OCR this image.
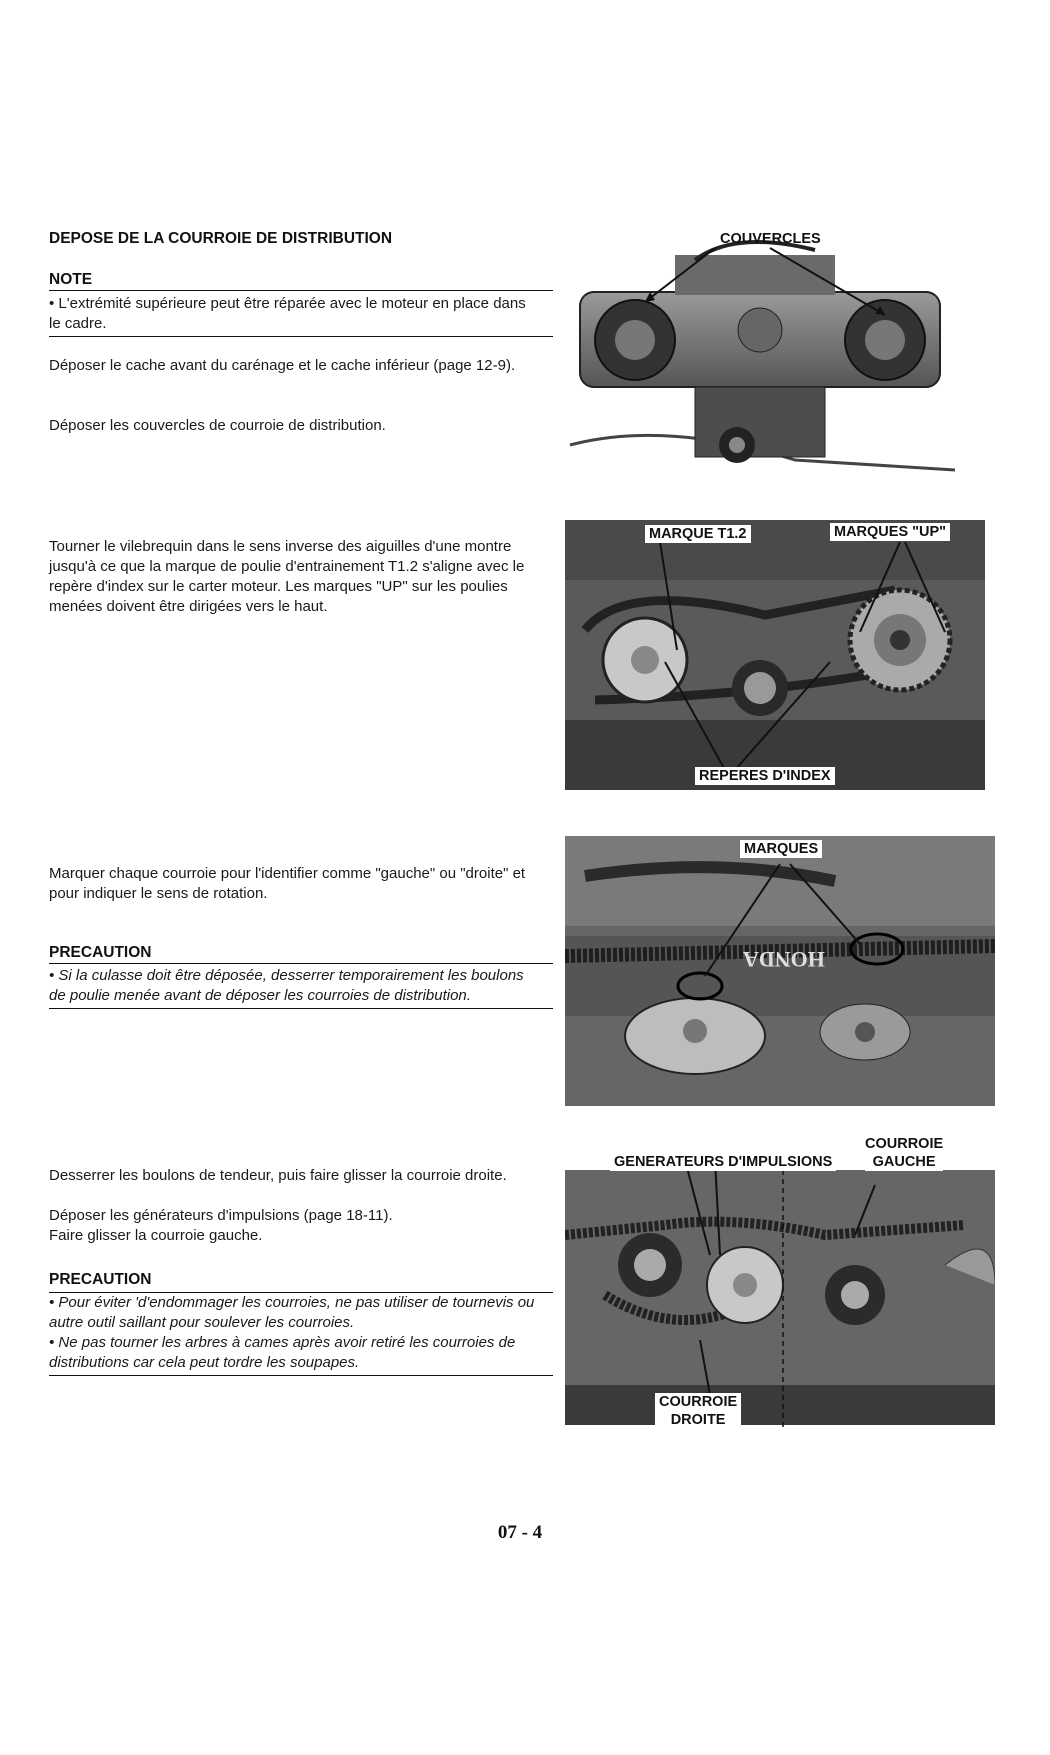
DEPOSE DE LA COURROIE DE DISTRIBUTION
NOTE
• L'extrémité supérieure peut être réparée avec le moteur en place dans le cadre.
Déposer le cache avant du carénage et le cache inférieur (page 12-9).
Déposer les couvercles de courroie de distribution.
COUVERCLES
Tourner le vilebrequin dans le sens inverse des aiguilles d'une montre jusqu'à ce que la marque de poulie d'entrainement T1.2 s'aligne avec le repère d'index sur le carter moteur. Les marques "UP" sur les poulies menées doivent être dirigées vers le haut.
MARQUE T1.2	MARQUES "UP"
REPERES D'INDEX
Marquer chaque courroie pour l'identifier comme "gauche" ou "droite" et pour indiquer le sens de rotation.
PRECAUTION
• Si la culasse doit être déposée, desserrer temporairement les boulons de poulie menée avant de déposer les courroies de distribution.
HONDA
MARQUES
Desserrer les boulons de tendeur, puis faire glisser la courroie droite.
Déposer les générateurs d'impulsions (page 18-11).
Faire glisser la courroie gauche.
PRECAUTION
• Pour éviter 'd'endommager les courroies, ne pas utiliser de tournevis ou autre outil saillant pour soulever les courroies.
• Ne pas tourner les arbres à cames après avoir retiré les courroies de distributions car cela peut tordre les soupapes.
GENERATEURS D'IMPULSIONS
COURROIE
GAUCHE
COURROIE
DROITE
07 - 4
